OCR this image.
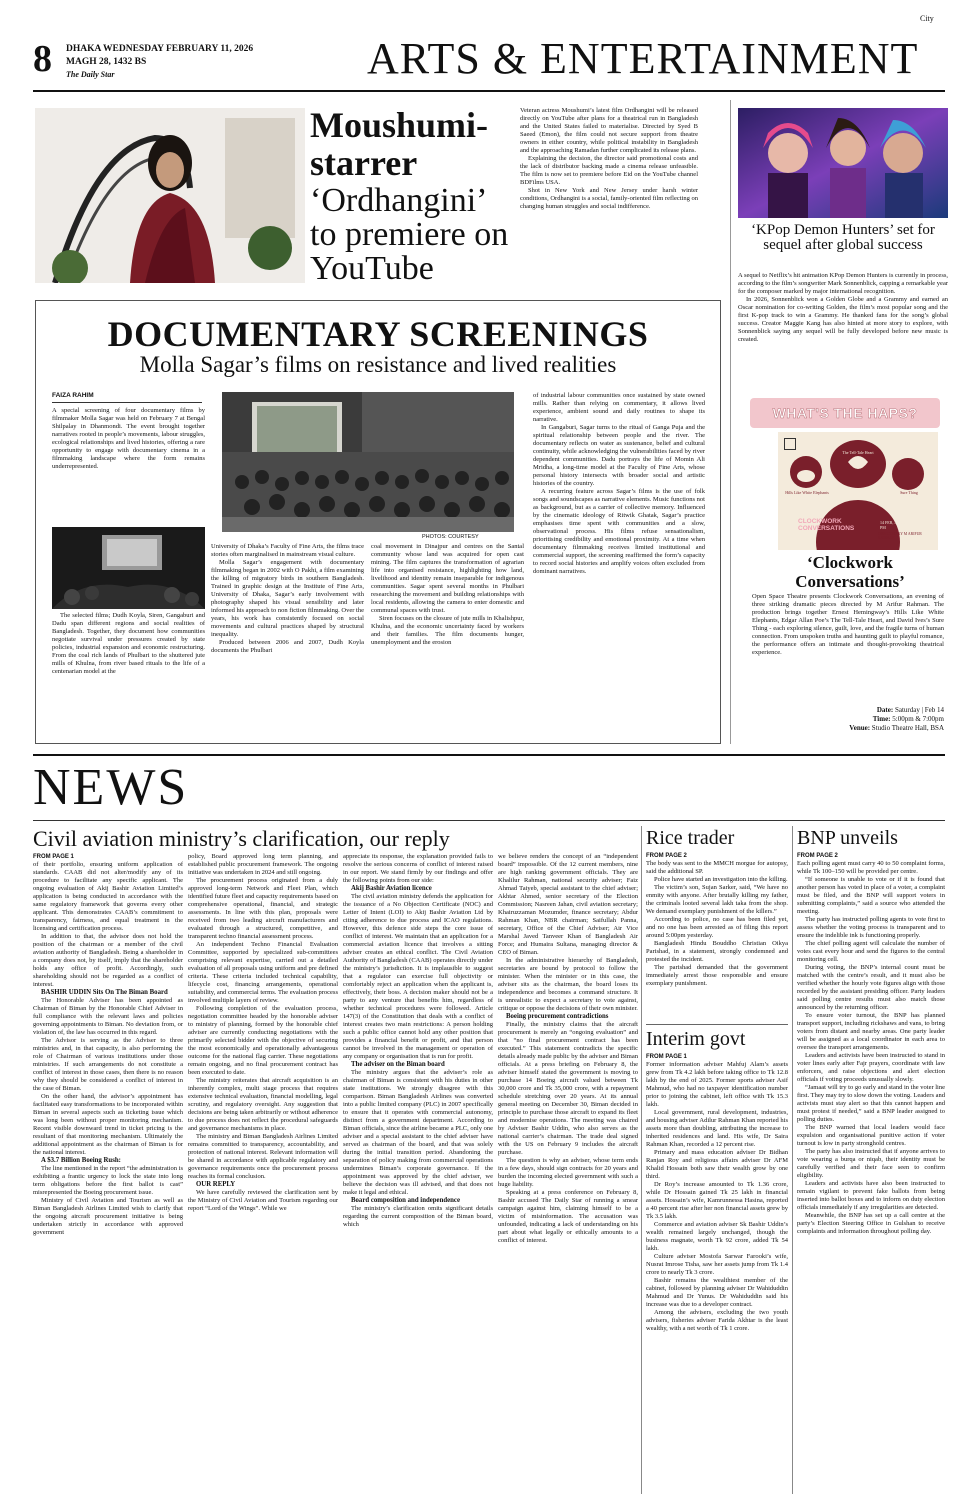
City
8 DHAKA WEDNESDAY FEBRUARY 11, 2026
MAGH 28, 1432 BS
The Daily Star	ARTS & ENTERTAINMENT
Moushumi-starrer
‘Ordhangini’ to premiere on YouTube

Veteran actress Moushumi’s latest film Ordhangini will be released directly on YouTube after plans for a theatrical run in Bangladesh and the United States failed to materialise. Directed by Syed B Saeed (Emon), the film could not secure support from theatre owners in either country, while political instability in Bangladesh and the approaching Ramadan further complicated its release plans.

Explaining the decision, the director said promotional costs and the lack of distributor backing made a cinema release unfeasible. The film is now set to premiere before Eid on the YouTube channel BDFilms USA.

Shot in New York and New Jersey under harsh winter conditions, Ordhangini is a social, family-oriented film reflecting on changing human struggles and social indifference.

‘KPop Demon Hunters’ set for sequel after global success

A sequel to Netflix’s hit animation KPop Demon Hunters is currently in process, according to the film’s songwriter Mark Sonnenblick, capping a remarkable year for the composer marked by major international recognition.

In 2026, Sonnenblick won a Golden Globe and a Grammy and earned an Oscar nomination for co-writing Golden, the film’s most popular song and the first K-pop track to win a Grammy. He thanked fans for the song’s global success. Creator Maggie Kang has also hinted at more story to explore, with Sonnenblick saying any sequel will be fully developed before new music is created.

WHAT'S THE HAPS?
Hills Like White Elephants
The Tell-Tale Heart
Sure Thing
CLOCKWORK CONVERSATIONS
14 FEB, 5 PM & 7 PM
DIRECTED BY M ARIFUR RAHMAN
‘Clockwork Conversations’

Open Space Theatre presents Clockwork Conversations, an evening of three striking dramatic pieces directed by M Arifur Rahman. The production brings together Ernest Hemingway’s Hills Like White Elephants, Edgar Allan Poe’s The Tell-Tale Heart, and David Ives’s Sure Thing - each exploring silence, guilt, love, and the fragile turns of human connection. From unspoken truths and haunting guilt to playful romance, the performance offers an intimate and thought-provoking theatrical experience.

Date: Saturday | Feb 14
Time: 5:00pm & 7:00pm
Venue: Studio Theatre Hall, BSA
DOCUMENTARY SCREENINGS
Molla Sagar’s films on resistance and lived realities
FAIZA RAHIM

A special screening of four documentary films by filmmaker Molla Sagar was held on February 7 at Bengal Shilpalay in Dhanmondi. The event brought together narratives rooted in people’s movements, labour struggles, ecological relationships and lived histories, offering a rare opportunity to engage with documentary cinema in a filmmaking landscape where the form remains underrepresented.

The selected films; Dudh Koyla, Siren, Gangaburi and Dadu span different regions and social realities of Bangladesh. Together, they document how communities negotiate survival under pressures created by state policies, industrial expansion and economic restructuring. From the coal rich lands of Phulbari to the shuttered jute mills of Khulna, from river based rituals to the life of a centenarian model at the

PHOTOS: COURTESY

University of Dhaka’s Faculty of Fine Arts, the films trace stories often marginalised in mainstream visual culture.

Molla Sagar’s engagement with documentary filmmaking began in 2002 with O Pakhi, a film examining the killing of migratory birds in southern Bangladesh. Trained in graphic design at the Institute of Fine Arts, University of Dhaka, Sagar’s early involvement with photography shaped his visual sensibility and later informed his approach to non fiction filmmaking. Over the years, his work has consistently focused on social movements and cultural practices shaped by structural inequality.

Produced between 2006 and 2007, Dudh Koyla documents the Phulbari

coal movement in Dinajpur and centres on the Santal community whose land was acquired for open cast mining. The film captures the transformation of agrarian life into organised resistance, highlighting how land, livelihood and identity remain inseparable for indigenous communities. Sagar spent several months in Phulbari researching the movement and building relationships with local residents, allowing the camera to enter domestic and communal spaces with trust.

Siren focuses on the closure of jute mills in Khalishpur, Khulna, and the economic uncertainty faced by workers and their families. The film documents hunger, unemployment and the erosion

of industrial labour communities once sustained by state owned mills. Rather than relying on commentary, it allows lived experience, ambient sound and daily routines to shape its narrative.

In Gangaburi, Sagar turns to the ritual of Ganga Puja and the spiritual relationship between people and the river. The documentary reflects on water as sustenance, belief and cultural continuity, while acknowledging the vulnerabilities faced by river dependent communities. Dadu portrays the life of Momin Ali Mridha, a long-time model at the Faculty of Fine Arts, whose personal history intersects with broader social and artistic histories of the country.

A recurring feature across Sagar’s films is the use of folk songs and soundscapes as narrative elements. Music functions not as background, but as a carrier of collective memory. Influenced by the cinematic ideology of Ritwik Ghatak, Sagar’s practice emphasises time spent with communities and a slow, observational process. His films refuse sensationalism, prioritising credibility and emotional proximity. At a time when documentary filmmaking receives limited institutional and commercial support, the screening reaffirmed the form’s capacity to record social histories and amplify voices often excluded from dominant narratives.

NEWS
Civil aviation ministry’s clarification, our reply

FROM PAGE 1

of their portfolio, ensuring uniform application of standards. CAAB did not alter/modify any of its procedure to facilitate any specific applicant. The ongoing evaluation of Akij Bashir Aviation Limited’s application is being conducted in accordance with the same regulatory framework that governs every other applicant. This demonstrates CAAB’s commitment to transparency, fairness, and equal treatment in the licensing and certification process.

In addition to that, the advisor does not hold the position of the chairman or a member of the civil aviation authority of Bangladesh. Being a shareholder in a company does not, by itself, imply that the shareholder holds any office of profit. Accordingly, such shareholding should not be regarded as a conflict of interest.

BASHIR UDDIN Sits On The Biman Board

The Honorable Adviser has been appointed as Chairman of Biman by the Honorable Chief Adviser in full compliance with the relevant laws and policies governing appointments to Biman. No deviation from, or violation of, the law has occurred in this regard.

The Advisor is serving as the Adviser to three ministries and, in that capacity, is also performing the role of Chairman of various institutions under those ministries. If such arrangements do not constitute a conflict of interest in those cases, then there is no reason why they should be considered a conflict of interest in the case of Biman.

On the other hand, the advisor’s appointment has facilitated easy transformations to be incorporated within Biman in several aspects such as ticketing issue which was long been without proper monitoring mechanism. Recent visible downward trend in ticket pricing is the resultant of that monitoring mechanism. Ultimately the additional appointment as the chairman of Biman is for the national interest.

A $3.7 Billion Boeing Rush:

The line mentioned in the report “the administration is exhibiting a frantic urgency to lock the state into long term obligations before the first ballot is cast” misrepresented the Boeing procurement issue.

Ministry of Civil Aviation and Tourism as well as Biman Bangladesh Airlines Limited wish to clarify that the ongoing aircraft procurement initiative is being undertaken strictly in accordance with approved government

policy, Board approved long term planning, and established public procurement framework. The ongoing initiative was undertaken in 2024 and still ongoing.

The procurement process originated from a duly approved long-term Network and Fleet Plan, which identified future fleet and capacity requirements based on comprehensive operational, financial, and strategic assessments. In line with this plan, proposals were received from two leading aircraft manufacturers and evaluated through a structured, competitive, and transparent techno financial assessment process.

An independent Techno Financial Evaluation Committee, supported by specialized sub-committees comprising relevant expertise, carried out a detailed evaluation of all proposals using uniform and pre defined criteria. These criteria included technical capability, lifecycle cost, financing arrangements, operational suitability, and commercial terms. The evaluation process involved multiple layers of review.

Following completion of the evaluation process, negotiation committee headed by the honorable adviser to ministry of planning, formed by the honorable chief adviser are currently conducting negotiations with the primarily selected bidder with the objective of securing the most economically and operationally advantageous outcome for the national flag carrier. These negotiations remain ongoing, and no final procurement contract has been executed to date.

The ministry reiterates that aircraft acquisition is an inherently complex, multi stage process that requires extensive technical evaluation, financial modelling, legal scrutiny, and regulatory oversight. Any suggestion that decisions are being taken arbitrarily or without adherence to due process does not reflect the procedural safeguards and governance mechanisms in place.

The ministry and Biman Bangladesh Airlines Limited remains committed to transparency, accountability, and protection of national interest. Relevant information will be shared in accordance with applicable regulatory and governance requirements once the procurement process reaches its formal conclusion.

OUR REPLY

We have carefully reviewed the clarification sent by the Ministry of Civil Aviation and Tourism regarding our report “Lord of the Wings”. While we

appreciate its response, the explanation provided fails to resolve the serious concerns of conflict of interest raised in our report. We stand firmly by our findings and offer the following points from our side:

Akij Bashir Aviation licence

The civil aviation ministry defends the application for the issuance of a No Objection Certificate (NOC) and Letter of Intent (LOI) to Akij Bashir Aviation Ltd by citing adherence to due process and ICAO regulations. However, this defence side steps the core issue of conflict of interest. We maintain that an application for a commercial aviation licence that involves a sitting adviser creates an ethical conflict. The Civil Aviation Authority of Bangladesh (CAAB) operates directly under the ministry’s jurisdiction. It is implausible to suggest that a regulator can exercise full objectivity or comfortably reject an application when the applicant is, effectively, their boss. A decision maker should not be a party to any venture that benefits him, regardless of whether technical procedures were followed. Article 147(3) of the Constitution that deals with a conflict of interest creates two main restrictions: A person holding such a public office cannot hold any other position that provides a financial benefit or profit, and that person cannot be involved in the management or operation of any company or organisation that is run for profit.

The adviser on the Biman board

The ministry argues that the adviser’s role as chairman of Biman is consistent with his duties in other state institutions. We strongly disagree with this comparison. Biman Bangladesh Airlines was converted into a public limited company (PLC) in 2007 specifically to ensure that it operates with commercial autonomy, distinct from a government department. According to Biman officials, since the airline became a PLC, only one adviser and a special assistant to the chief adviser have served as chairman of the board, and that was solely during the initial transition period. Abandoning the separation of policy making from commercial operations undermines Biman’s corporate governance. If the appointment was approved by the chief adviser, we believe the decision was ill advised, and that does not make it legal and ethical.

Board composition and independence

The ministry’s clarification omits significant details regarding the current composition of the Biman board, which

we believe renders the concept of an “independent board” impossible. Of the 12 current members, nine are high ranking government officials. They are Khalilur Rahman, national security adviser; Faiz Ahmad Taiyeb, special assistant to the chief adviser; Akhtar Ahmed, senior secretary of the Election Commission; Nasreen Jahan, civil aviation secretary; Khairuzzaman Mozumder, finance secretary; Abdur Rahman Khan, NBR chairman; Saifullah Panna, secretary, Office of the Chief Adviser; Air Vice Marshal Javed Tanveer Khan of Bangladesh Air Force; and Humaira Sultana, managing director & CEO of Biman.

In the administrative hierarchy of Bangladesh, secretaries are bound by protocol to follow the minister. When the minister or in this case, the adviser sits as the chairman, the board loses its independence and becomes a command structure. It is unrealistic to expect a secretary to vote against, critique or oppose the decisions of their own minister.

Boeing procurement contradictions

Finally, the ministry claims that the aircraft procurement is merely an “ongoing evaluation” and that “no final procurement contract has been executed.” This statement contradicts the specific details already made public by the adviser and Biman officials. At a press briefing on February 8, the adviser himself stated the government is moving to purchase 14 Boeing aircraft valued between Tk 30,000 crore and Tk 35,000 crore, with a repayment schedule stretching over 20 years. At its annual general meeting on December 30, Biman decided in principle to purchase those aircraft to expand its fleet and modernise operations. The meeting was chaired by Adviser Bashir Uddin, who also serves as the national carrier’s chairman. The trade deal signed with the US on February 9 includes the aircraft purchase.

The question is why an adviser, whose term ends in a few days, should sign contracts for 20 years and burden the incoming elected government with such a huge liability.

Speaking at a press conference on February 8, Bashir accused The Daily Star of running a smear campaign against him, claiming himself to be a victim of misinformation. The accusation was unfounded, indicating a lack of understanding on his part about what legally or ethically amounts to a conflict of interest.

Rice trader

FROM PAGE 2

The body was sent to the MMCH morgue for autopsy, said the additional SP.

Police have started an investigation into the killing.

The victim’s son, Sujan Sarker, said, “We have no enmity with anyone. After brutally killing my father, the criminals looted several lakh taka from the shop. We demand exemplary punishment of the killers.”

According to police, no case has been filed yet, and no one has been arrested as of filing this report around 5:00pm yesterday.

Bangladesh Hindu Bouddho Christian Oikya Parishad, in a statement, strongly condemned and protested the incident.

The parishad demanded that the government immediately arrest those responsible and ensure exemplary punishment.

Interim govt

FROM PAGE 1

Former information adviser Mahfuj Alam’s assets grew from Tk 4.2 lakh before taking office to Tk 12.8 lakh by the end of 2025. Former sports adviser Asif Mahmud, who had no taxpayer identification number prior to joining the cabinet, left office with Tk 15.3 lakh.

Local government, rural development, industries, and housing adviser Adilur Rahman Khan reported his assets more than doubling, attributing the increase to inherited residences and land. His wife, Dr Saira Rahman Khan, recorded a 12 percent rise.

Primary and mass education adviser Dr Bidhan Ranjan Roy and religious affairs adviser Dr AFM Khalid Hossain both saw their wealth grow by one third.

Dr Roy’s increase amounted to Tk 1.36 crore, while Dr Hossain gained Tk 25 lakh in financial assets. Hossain’s wife, Kamrunnessa Hasina, reported a 40 percent rise after her non financial assets grew by Tk 3.5 lakh.

Commerce and aviation adviser Sk Bashir Uddin’s wealth remained largely unchanged, though the business magnate, worth Tk 92 crore, added Tk 54 lakh.

Culture adviser Mostofa Sarwar Farooki’s wife, Nusrat Imrose Tisha, saw her assets jump from Tk 1.4 crore to nearly Tk 3 crore.

Bashir remains the wealthiest member of the cabinet, followed by planning adviser Dr Wahiduddin Mahmud and Dr Yunus. Dr Wahiduddin said his increase was due to a developer contract.

Among the advisers, excluding the two youth advisers, fisheries adviser Farida Akhtar is the least wealthy, with a net worth of Tk 1 crore.

BNP unveils

FROM PAGE 2

Each polling agent must carry 40 to 50 complaint forms, while Tk 100–150 will be provided per centre.

“If someone is unable to vote or if it is found that another person has voted in place of a voter, a complaint must be filed, and the BNP will support voters in submitting complaints,” said a source who attended the meeting.

The party has instructed polling agents to vote first to assess whether the voting process is transparent and to ensure the indelible ink is functioning properly.

The chief polling agent will calculate the number of votes cast every hour and send the figures to the central monitoring cell.

During voting, the BNP’s internal count must be matched with the centre’s result, and it must also be verified whether the hourly vote figures align with those recorded by the assistant presiding officer. Party leaders said polling centre results must also match those announced by the returning officer.

To ensure voter turnout, the BNP has planned transport support, including rickshaws and vans, to bring voters from distant and nearby areas. One party leader will be assigned as a local coordinator in each area to oversee the transport arrangements.

Leaders and activists have been instructed to stand in voter lines early after Fajr prayers, coordinate with law enforcers, and raise objections and alert election officials if voting proceeds unusually slowly.

“Jamaat will try to go early and stand in the voter line first. They may try to slow down the voting. Leaders and activists must stay alert so that this cannot happen and must protest if needed,” said a BNP leader assigned to polling duties.

The BNP warned that local leaders would face expulsion and organisational punitive action if voter turnout is low in party stronghold centres.

The party has also instructed that if anyone arrives to vote wearing a burqa or niqab, their identity must be carefully verified and their face seen to confirm eligibility.

Leaders and activists have also been instructed to remain vigilant to prevent fake ballots from being inserted into ballot boxes and to inform on duty election officials immediately if any irregularities are detected.

Meanwhile, the BNP has set up a call centre at the party’s Election Steering Office in Gulshan to receive complaints and information throughout polling day.
